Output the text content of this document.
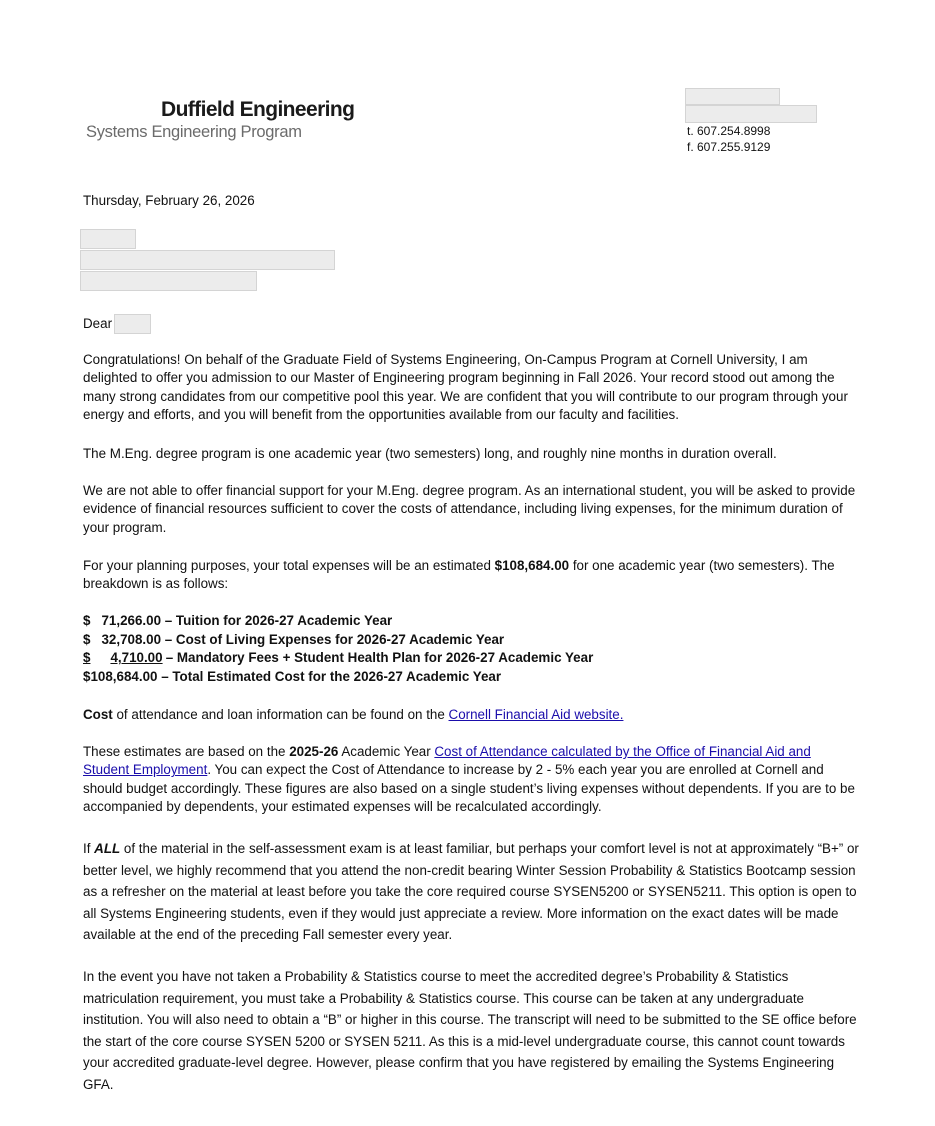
Duffield Engineering
Systems Engineering Program	t. 607.254.8998
f. 607.255.9129
Thursday, February 26, 2026
Dear
Congratulations! On behalf of the Graduate Field of Systems Engineering, On-Campus Program at Cornell University, I am delighted to offer you admission to our Master of Engineering program beginning in Fall 2026. Your record stood out among the many strong candidates from our competitive pool this year. We are confident that you will contribute to our program through your energy and efforts, and you will benefit from the opportunities available from our faculty and facilities.
The M.Eng. degree program is one academic year (two semesters) long, and roughly nine months in duration overall.
We are not able to offer financial support for your M.Eng. degree program. As an international student, you will be asked to provide evidence of financial resources sufficient to cover the costs of attendance, including living expenses, for the minimum duration of your program.
For your planning purposes, your total expenses will be an estimated $108,684.00 for one academic year (two semesters). The breakdown is as follows:
$ 71,266.00 – Tuition for 2026-27 Academic Year
$ 32,708.00 – Cost of Living Expenses for 2026-27 Academic Year
$ 4,710.00 – Mandatory Fees + Student Health Plan for 2026-27 Academic Year
$108,684.00 – Total Estimated Cost for the 2026-27 Academic Year
Cost of attendance and loan information can be found on the Cornell Financial Aid website.
These estimates are based on the 2025-26 Academic Year Cost of Attendance calculated by the Office of Financial Aid and Student Employment. You can expect the Cost of Attendance to increase by 2 - 5% each year you are enrolled at Cornell and should budget accordingly. These figures are also based on a single student’s living expenses without dependents. If you are to be accompanied by dependents, your estimated expenses will be recalculated accordingly.
If ALL of the material in the self-assessment exam is at least familiar, but perhaps your comfort level is not at approximately “B+” or better level, we highly recommend that you attend the non-credit bearing Winter Session Probability & Statistics Bootcamp session as a refresher on the material at least before you take the core required course SYSEN5200 or SYSEN5211. This option is open to all Systems Engineering students, even if they would just appreciate a review. More information on the exact dates will be made available at the end of the preceding Fall semester every year.
In the event you have not taken a Probability & Statistics course to meet the accredited degree’s Probability & Statistics matriculation requirement, you must take a Probability & Statistics course. This course can be taken at any undergraduate institution. You will also need to obtain a “B” or higher in this course. The transcript will need to be submitted to the SE office before the start of the core course SYSEN 5200 or SYSEN 5211. As this is a mid-level undergraduate course, this cannot count towards your accredited graduate-level degree. However, please confirm that you have registered by emailing the Systems Engineering GFA.
